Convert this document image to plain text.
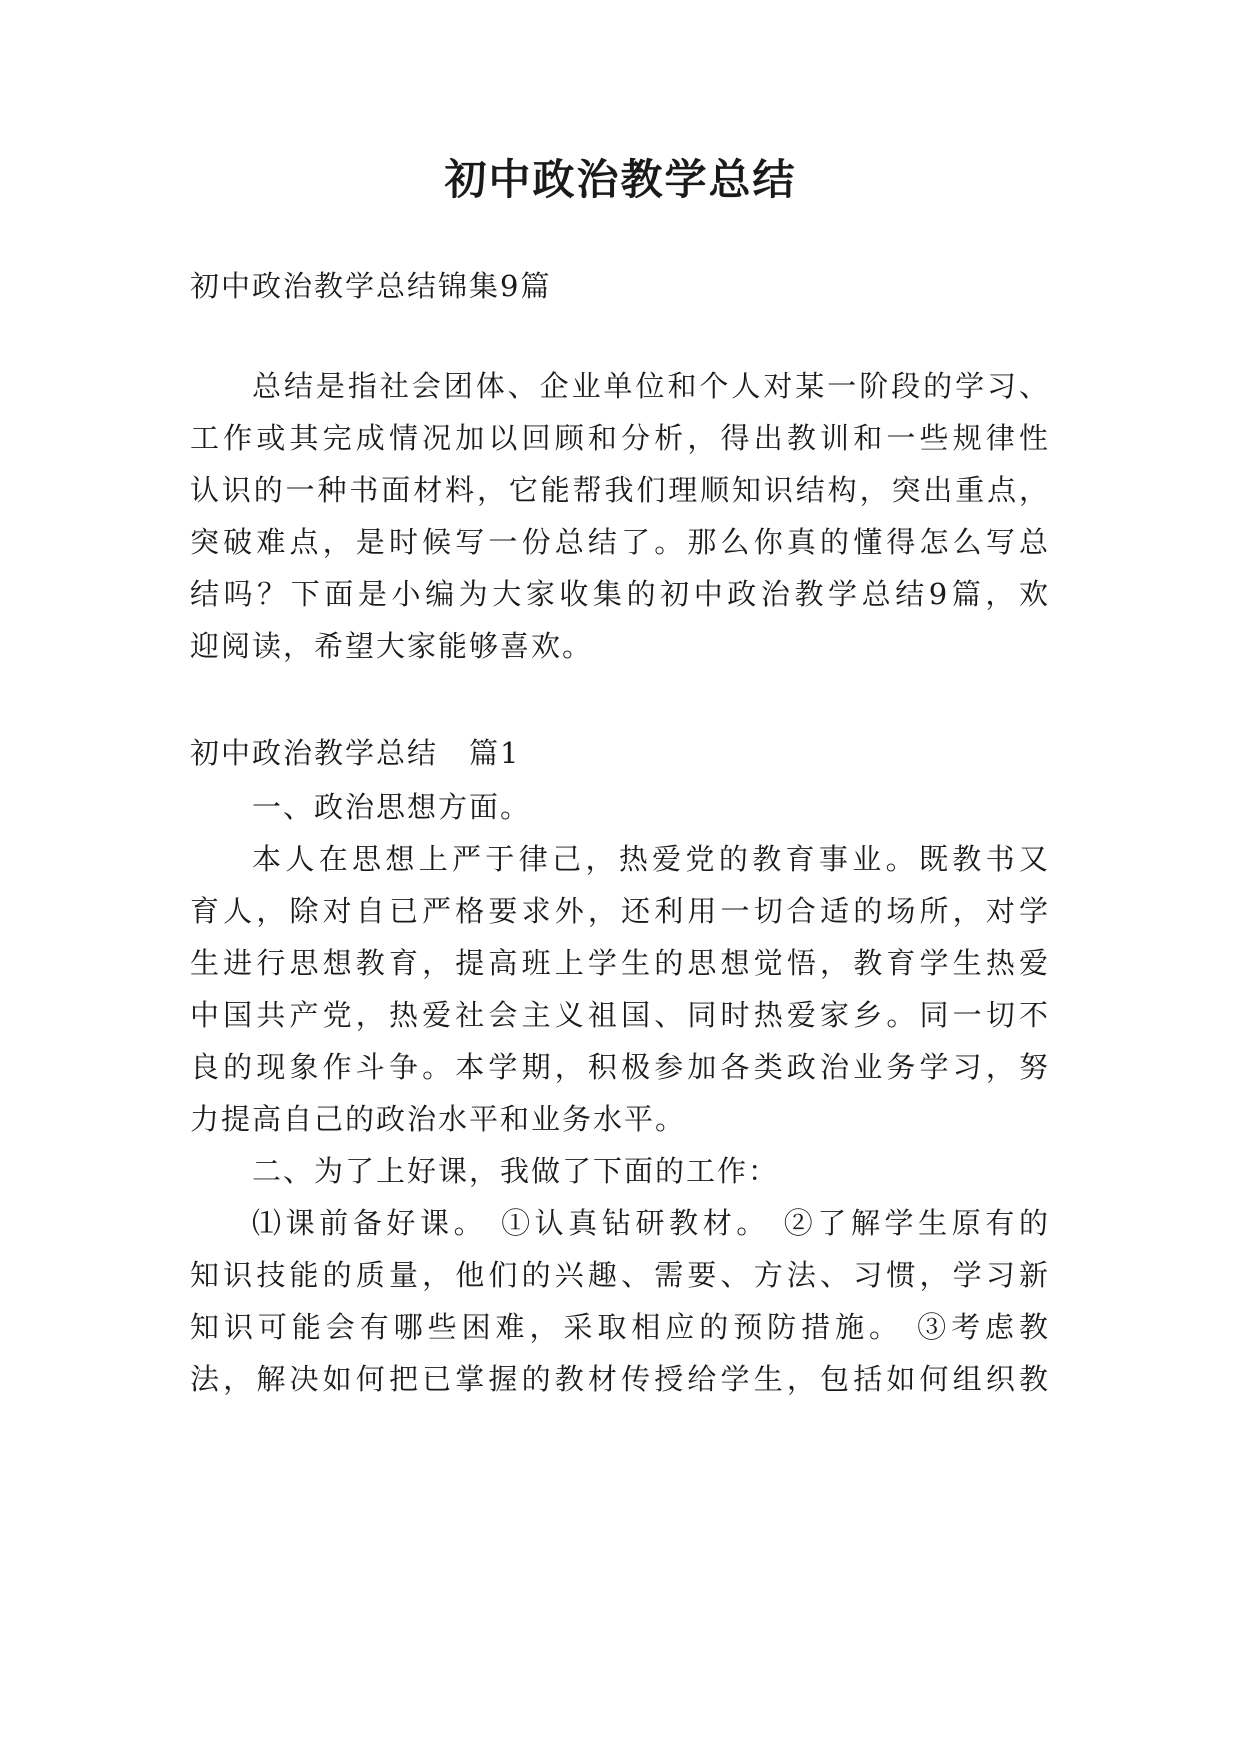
初中政治教学总结
初中政治教学总结锦集9篇
总结是指社会团体、企业单位和个人对某一阶段的学习、
工作或其完成情况加以回顾和分析，得出教训和一些规律性
认识的一种书面材料，它能帮我们理顺知识结构，突出重点，
突破难点，是时候写一份总结了。那么你真的懂得怎么写总
结吗？下面是小编为大家收集的初中政治教学总结9篇，欢
迎阅读，希望大家能够喜欢。
初中政治教学总结　篇1
一、政治思想方面。
本人在思想上严于律己，热爱党的教育事业。既教书又
育人，除对自已严格要求外，还利用一切合适的场所，对学
生进行思想教育，提高班上学生的思想觉悟，教育学生热爱
中国共产党，热爱社会主义祖国、同时热爱家乡。同一切不
良的现象作斗争。本学期，积极参加各类政治业务学习，努
力提高自己的政治水平和业务水平。
二、为了上好课，我做了下面的工作：
⑴课前备好课。 ①认真钻研教材。 ②了解学生原有的
知识技能的质量，他们的兴趣、需要、方法、习惯，学习新
知识可能会有哪些困难，采取相应的预防措施。 ③考虑教
法，解决如何把已掌握的教材传授给学生，包括如何组织教
